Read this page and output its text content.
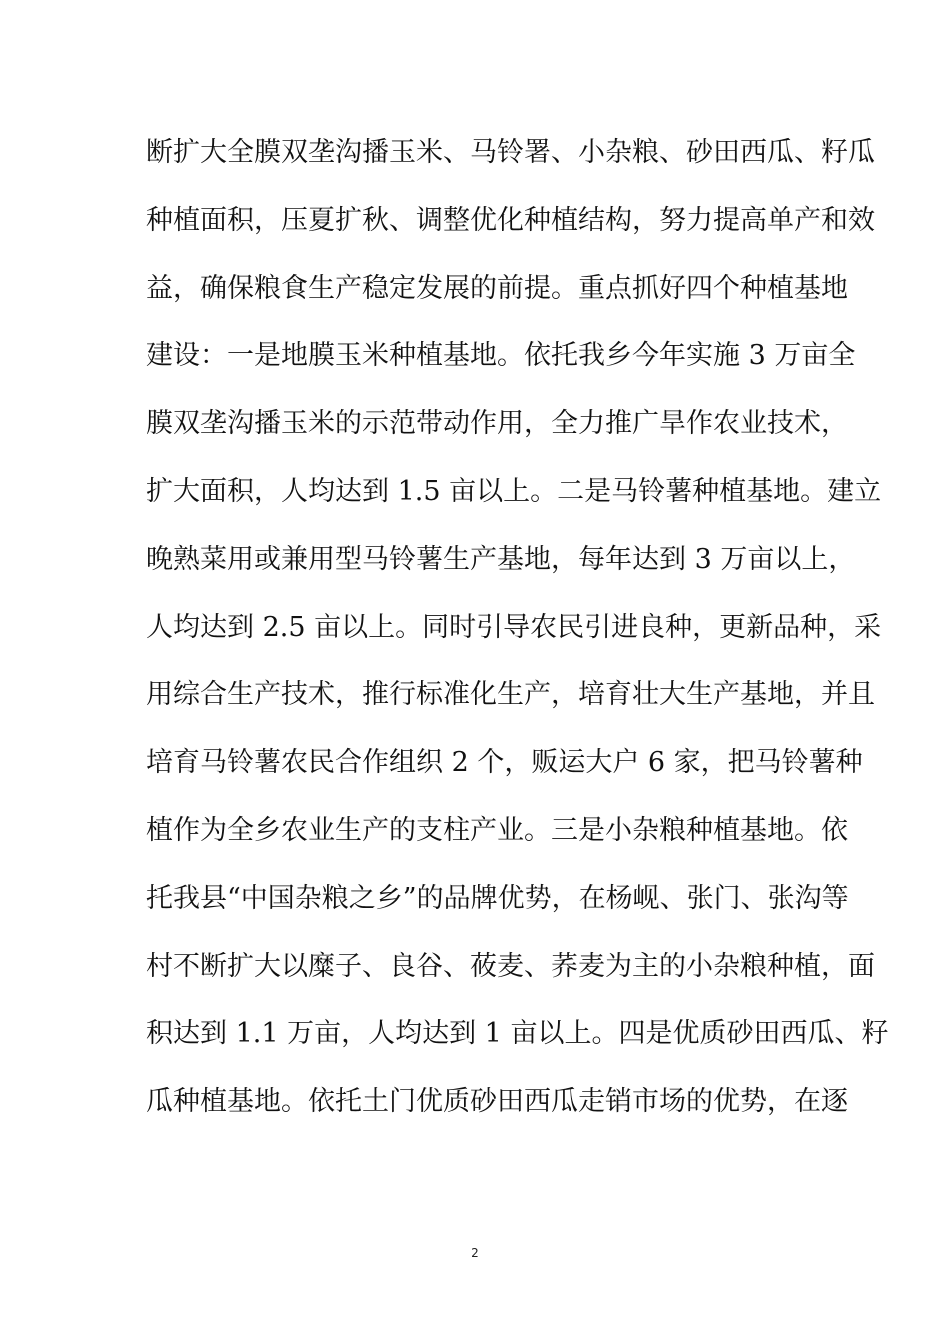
断扩大全膜双垄沟播玉米、马铃署、小杂粮、砂田西瓜、籽瓜
种植面积，压夏扩秋、调整优化种植结构，努力提高单产和效
益，确保粮食生产稳定发展的前提。重点抓好四个种植基地
建设：一是地膜玉米种植基地。依托我乡今年实施 3 万亩全
膜双垄沟播玉米的示范带动作用，全力推广旱作农业技术，
扩大面积，人均达到 1.5 亩以上。二是马铃薯种植基地。建立
晚熟菜用或兼用型马铃薯生产基地，每年达到 3 万亩以上，
人均达到 2.5 亩以上。同时引导农民引进良种，更新品种，采
用综合生产技术，推行标准化生产，培育壮大生产基地，并且
培育马铃薯农民合作组织 2 个，贩运大户 6 家，把马铃薯种
植作为全乡农业生产的支柱产业。三是小杂粮种植基地。依
托我县“中国杂粮之乡”的品牌优势，在杨岘、张门、张沟等
村不断扩大以糜子、良谷、莜麦、荞麦为主的小杂粮种植，面
积达到 1.1 万亩，人均达到 1 亩以上。四是优质砂田西瓜、籽
瓜种植基地。依托土门优质砂田西瓜走销市场的优势，在逐
2
